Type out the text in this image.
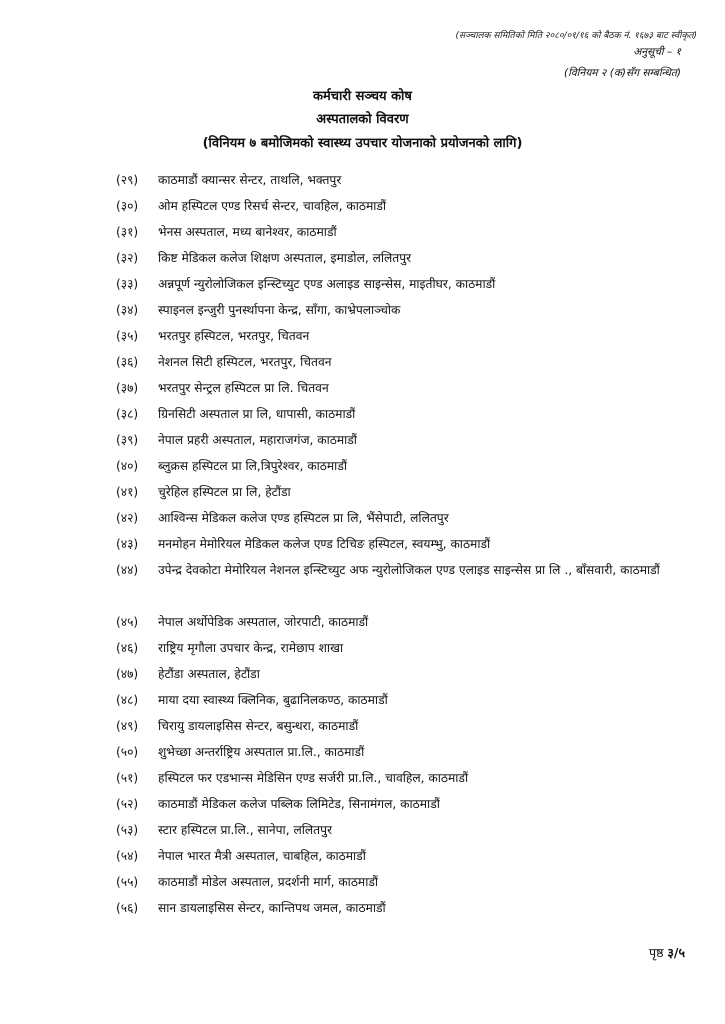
(सञ्चालक समितिको मिति २०८०/०१/१६ को बैठक नं. १६७३ बाट स्वीकृत)
अनुसूची – १
(विनियम २ (क)सँग सम्बन्धित)
कर्मचारी सञ्चय कोष
अस्पतालको विवरण
(विनियम ७ बमोजिमको स्वास्थ्य उपचार योजनाको प्रयोजनको लागि)
(२९)	काठमाडौं क्यान्सर सेन्टर, ताथलि, भक्तपुर
(३०)	ओम हस्पिटल एण्ड रिसर्च सेन्टर, चावहिल, काठमाडौं
(३१)	भेनस अस्पताल, मध्य बानेश्वर, काठमाडौं
(३२)	किष्ट मेडिकल कलेज शिक्षण अस्पताल, इमाडोल, ललितपुर
(३३)	अन्नपूर्ण न्युरोलोजिकल इन्स्टिच्युट एण्ड अलाइड साइन्सेस, माइतीघर, काठमाडौं
(३४)	स्पाइनल इन्जुरी पुनर्स्थापना केन्द्र, साँगा, काभ्रेपलाञ्चोक
(३५)	भरतपुर हस्पिटल, भरतपुर, चितवन
(३६)	नेशनल सिटी हस्पिटल, भरतपुर, चितवन
(३७)	भरतपुर सेन्ट्रल हस्पिटल प्रा लि. चितवन
(३८)	ग्रिनसिटी अस्पताल प्रा लि, धापासी, काठमाडौं
(३९)	नेपाल प्रहरी अस्पताल, महाराजगंज, काठमाडौं
(४०)	ब्लुक्रस हस्पिटल प्रा लि,त्रिपुरेश्वर, काठमाडौं
(४१)	चुरेहिल हस्पिटल प्रा लि, हेटौंडा
(४२)	आश्विन्स मेडिकल कलेज एण्ड हस्पिटल प्रा लि, भैंसेपाटी, ललितपुर
(४३)	मनमोहन मेमोरियल मेडिकल कलेज एण्ड टिचिङ हस्पिटल, स्वयम्भु, काठमाडौं
(४४)	उपेन्द्र देवकोटा मेमोरियल नेशनल इन्स्टिच्युट अफ न्युरोलोजिकल एण्ड एलाइड साइन्सेस प्रा लि ., बाँसवारी, काठमाडौं
(४५)	नेपाल अर्थोपेडिक अस्पताल, जोरपाटी, काठमाडौं
(४६)	राष्ट्रिय मृगौला उपचार केन्द्र, रामेछाप शाखा
(४७)	हेटौंडा अस्पताल, हेटौंडा
(४८)	माया दया स्वास्थ्य क्लिनिक, बुढानिलकण्ठ, काठमाडौं
(४९)	चिरायु डायलाइसिस सेन्टर, बसुन्धरा, काठमाडौं
(५०)	शुभेच्छा अन्तर्राष्ट्रिय अस्पताल प्रा.लि., काठमाडौं
(५१)	हस्पिटल फर एडभान्स मेडिसिन एण्ड सर्जरी प्रा.लि., चावहिल, काठमाडौं
(५२)	काठमाडौं मेडिकल कलेज पब्लिक लिमिटेड, सिनामंगल, काठमाडौं
(५३)	स्टार हस्पिटल प्रा.लि., सानेपा, ललितपुर
(५४)	नेपाल भारत मैत्री अस्पताल, चाबहिल, काठमाडौं
(५५)	काठमाडौं मोडेल अस्पताल, प्रदर्शनी मार्ग, काठमाडौं
(५६)	सान डायलाइसिस सेन्टर, कान्तिपथ जमल, काठमाडौं
पृष्ठ ३/५
